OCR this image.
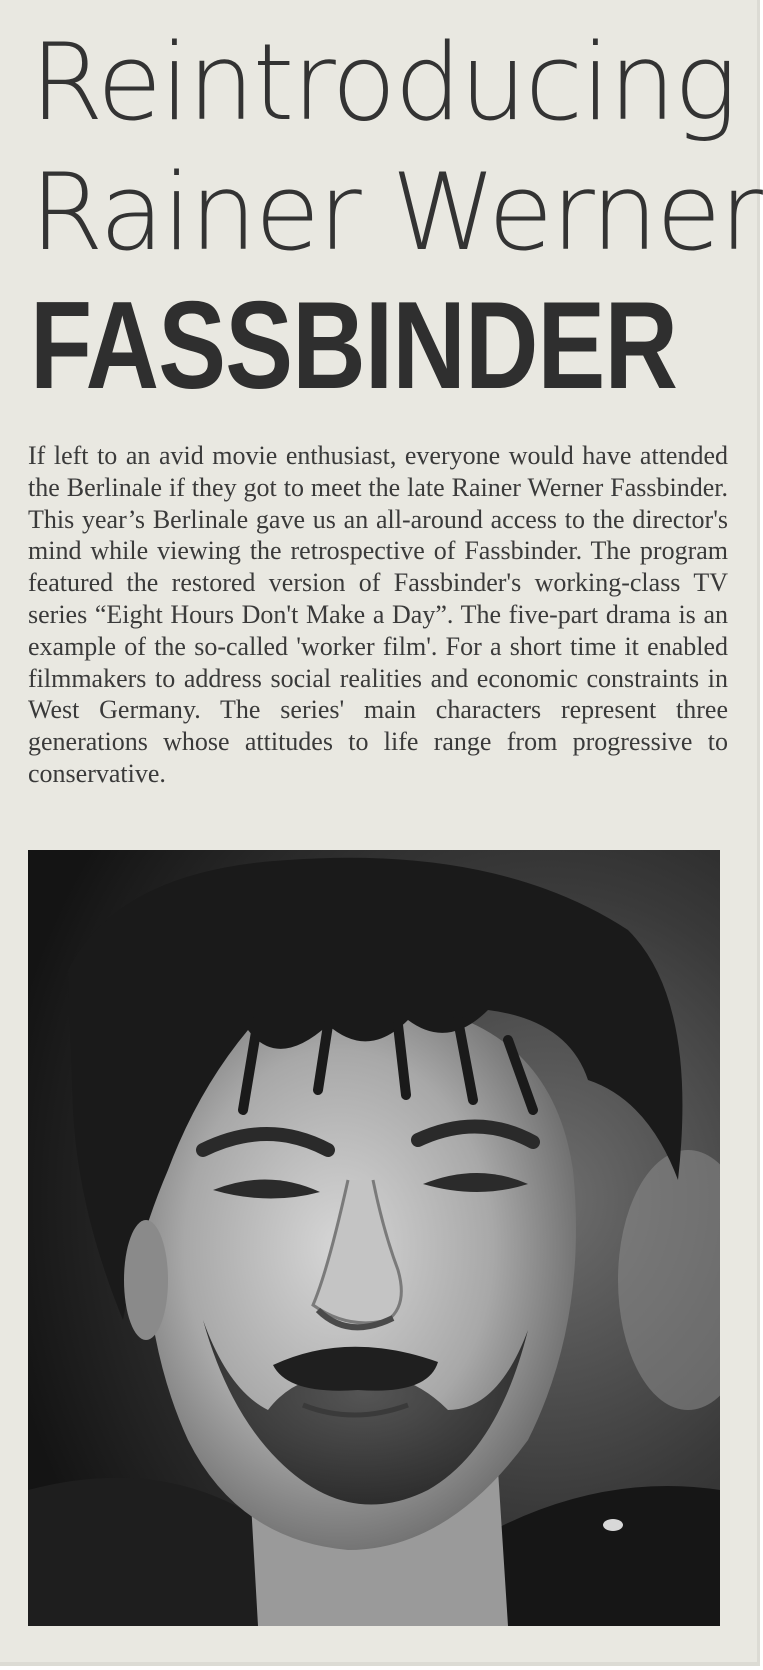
Reintroducing
Rainer Werner
FASSBINDER

If left to an avid movie enthusiast, everyone would have attended the Berlinale if they got to meet the late Rainer Werner Fassbinder. This year’s Berlinale gave us an all-around access to the director's mind while viewing the retrospective of Fassbinder. The program featured the restored version of Fassbinder's working-class TV series “Eight Hours Don't Make a Day”. The five-part drama is an example of the so-called 'worker film'. For a short time it enabled filmmakers to address social realities and economic constraints in West Germany. The series' main characters represent three generations whose attitudes to life range from progressive to conservative.
